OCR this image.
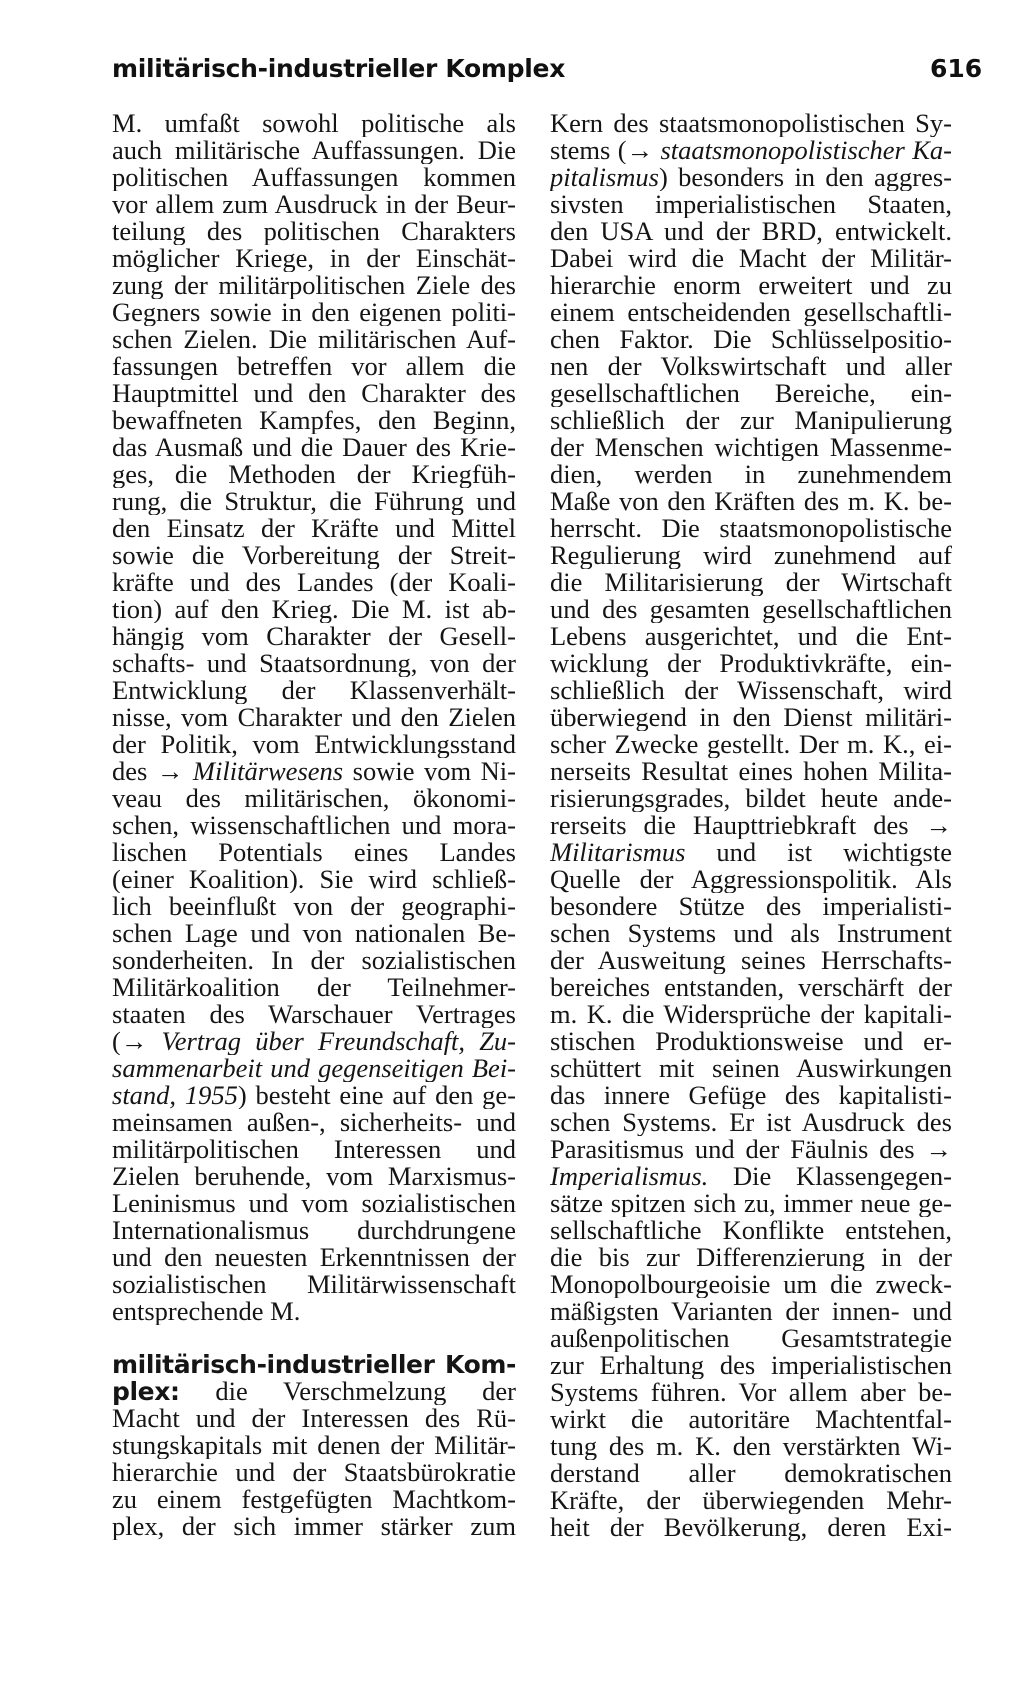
militärisch-industrieller Komplex	616
M. umfaßt sowohl politische als
auch militärische Auffassungen. Die
politischen Auffassungen kommen
vor allem zum Ausdruck in der Beur-
teilung des politischen Charakters
möglicher Kriege, in der Einschät-
zung der militärpolitischen Ziele des
Gegners sowie in den eigenen politi-
schen Zielen. Die militärischen Auf-
fassungen betreffen vor allem die
Hauptmittel und den Charakter des
bewaffneten Kampfes, den Beginn,
das Ausmaß und die Dauer des Krie-
ges, die Methoden der Kriegfüh-
rung, die Struktur, die Führung und
den Einsatz der Kräfte und Mittel
sowie die Vorbereitung der Streit-
kräfte und des Landes (der Koali-
tion) auf den Krieg. Die M. ist ab-
hängig vom Charakter der Gesell-
schafts- und Staatsordnung, von der
Entwicklung der Klassenverhält-
nisse, vom Charakter und den Zielen
der Politik, vom Entwicklungsstand
des → Militärwesens sowie vom Ni-
veau des militärischen, ökonomi-
schen, wissenschaftlichen und mora-
lischen Potentials eines Landes
(einer Koalition). Sie wird schließ-
lich beeinflußt von der geographi-
schen Lage und von nationalen Be-
sonderheiten. In der sozialistischen
Militärkoalition der Teilnehmer-
staaten des Warschauer Vertrages
(→ Vertrag über Freundschaft, Zu-
sammenarbeit und gegenseitigen Bei-
stand, 1955) besteht eine auf den ge-
meinsamen außen-, sicherheits- und
militärpolitischen Interessen und
Zielen beruhende, vom Marxismus-
Leninismus und vom sozialistischen
Internationalismus durchdrungene
und den neuesten Erkenntnissen der
sozialistischen Militärwissenschaft
entsprechende M.
militärisch-industrieller Kom-
plex: die Verschmelzung der
Macht und der Interessen des Rü-
stungskapitals mit denen der Militär-
hierarchie und der Staatsbürokratie
zu einem festgefügten Machtkom-
plex, der sich immer stärker zum
Kern des staatsmonopolistischen Sy-
stems (→ staatsmonopolistischer Ka-
pitalismus) besonders in den aggres-
sivsten imperialistischen Staaten,
den USA und der BRD, entwickelt.
Dabei wird die Macht der Militär-
hierarchie enorm erweitert und zu
einem entscheidenden gesellschaftli-
chen Faktor. Die Schlüsselpositio-
nen der Volkswirtschaft und aller
gesellschaftlichen Bereiche, ein-
schließlich der zur Manipulierung
der Menschen wichtigen Massenme-
dien, werden in zunehmendem
Maße von den Kräften des m. K. be-
herrscht. Die staatsmonopolistische
Regulierung wird zunehmend auf
die Militarisierung der Wirtschaft
und des gesamten gesellschaftlichen
Lebens ausgerichtet, und die Ent-
wicklung der Produktivkräfte, ein-
schließlich der Wissenschaft, wird
überwiegend in den Dienst militäri-
scher Zwecke gestellt. Der m. K., ei-
nerseits Resultat eines hohen Milita-
risierungsgrades, bildet heute ande-
rerseits die Haupttriebkraft des →
Militarismus und ist wichtigste
Quelle der Aggressionspolitik. Als
besondere Stütze des imperialisti-
schen Systems und als Instrument
der Ausweitung seines Herrschafts-
bereiches entstanden, verschärft der
m. K. die Widersprüche der kapitali-
stischen Produktionsweise und er-
schüttert mit seinen Auswirkungen
das innere Gefüge des kapitalisti-
schen Systems. Er ist Ausdruck des
Parasitismus und der Fäulnis des →
Imperialismus. Die Klassengegen-
sätze spitzen sich zu, immer neue ge-
sellschaftliche Konflikte entstehen,
die bis zur Differenzierung in der
Monopolbourgeoisie um die zweck-
mäßigsten Varianten der innen- und
außenpolitischen Gesamtstrategie
zur Erhaltung des imperialistischen
Systems führen. Vor allem aber be-
wirkt die autoritäre Machtentfal-
tung des m. K. den verstärkten Wi-
derstand aller demokratischen
Kräfte, der überwiegenden Mehr-
heit der Bevölkerung, deren Exi-
